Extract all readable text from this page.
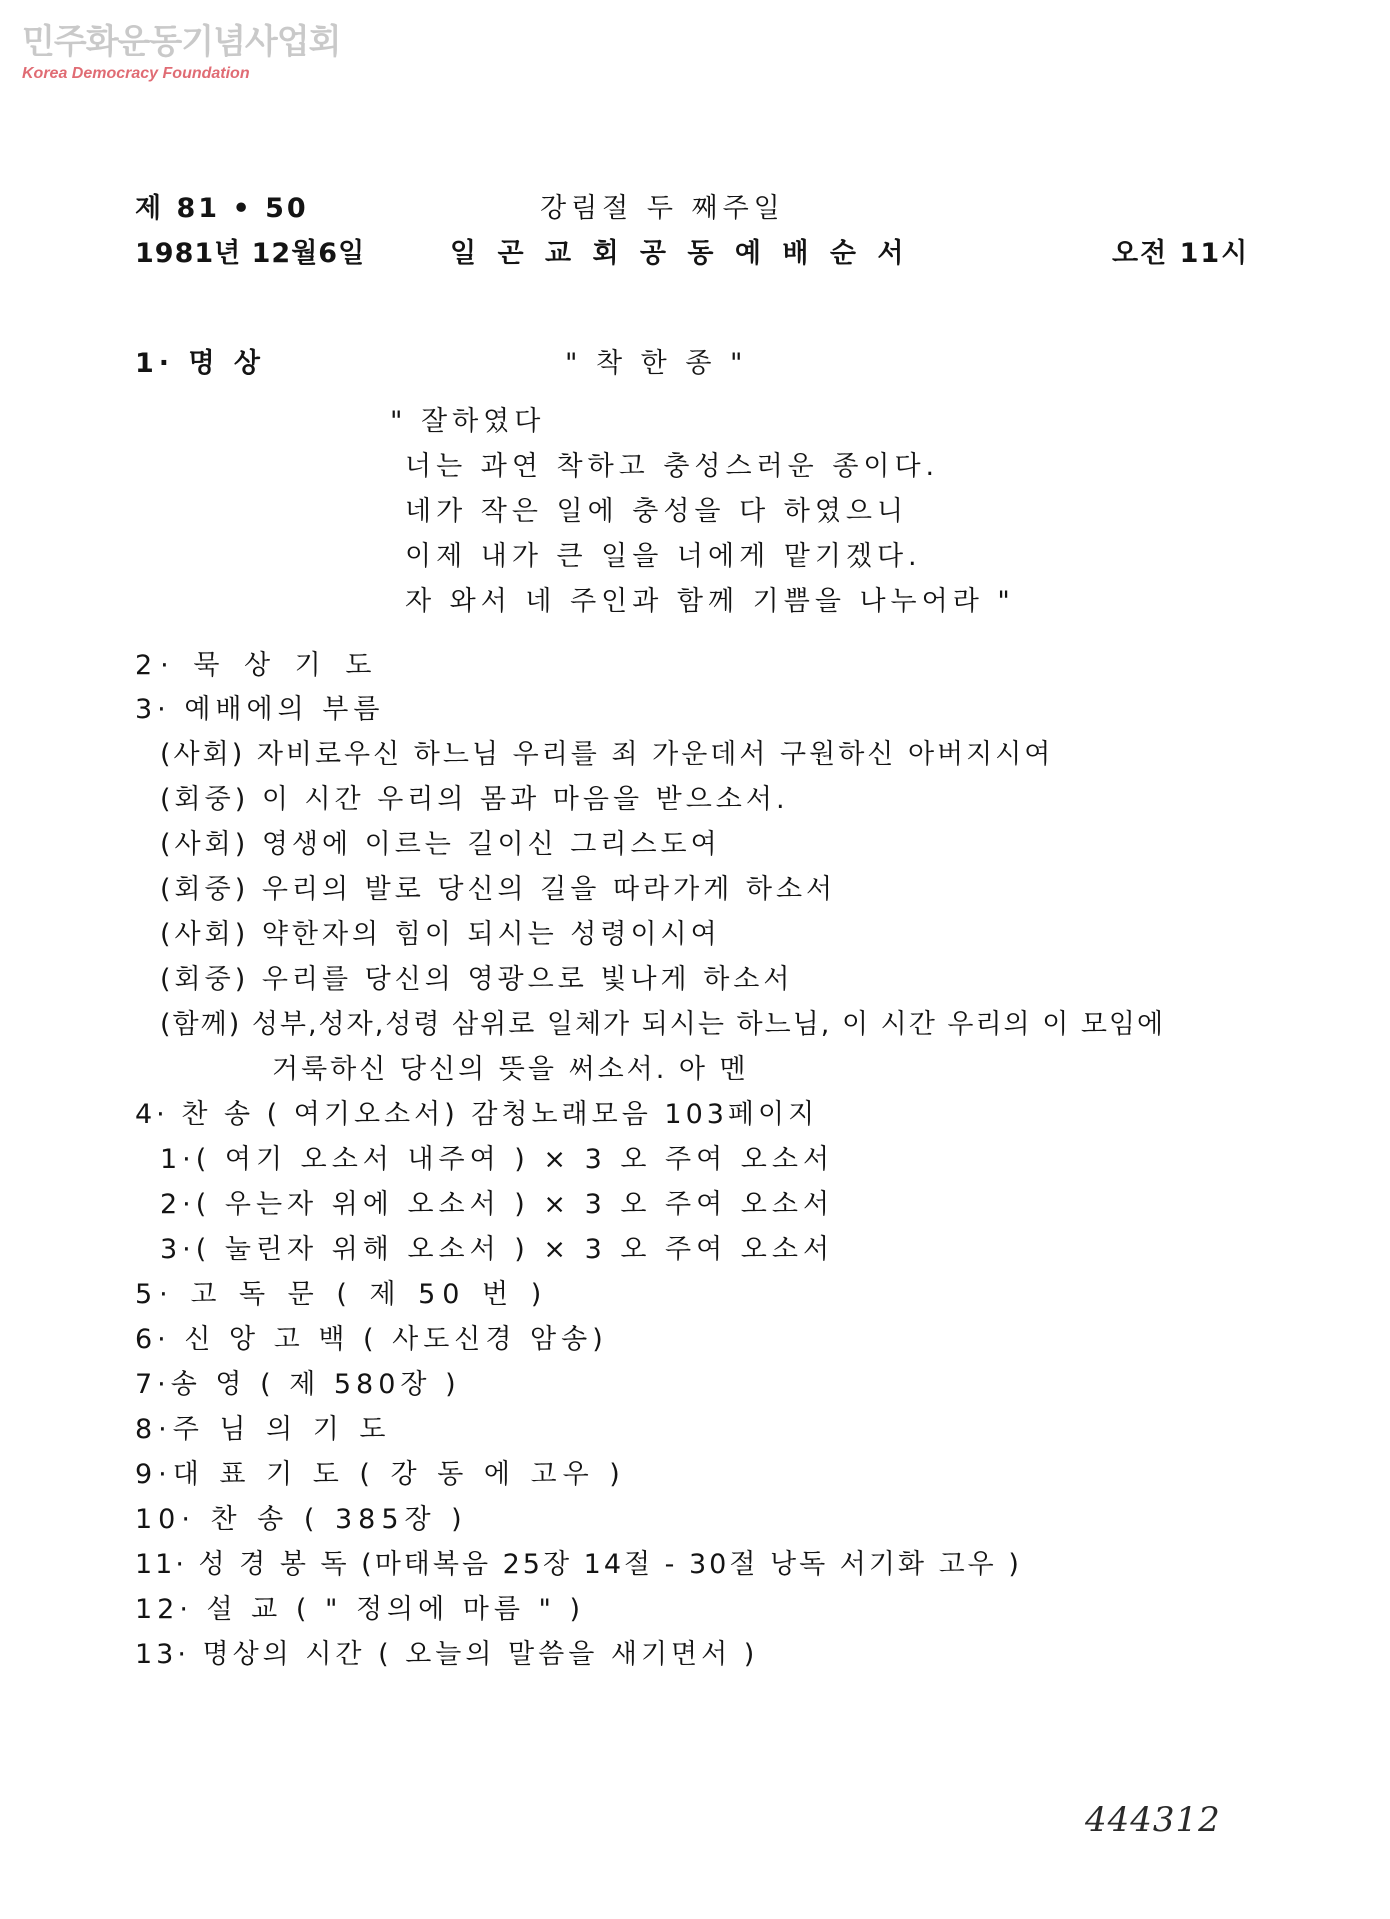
민주화운동기념사업회
Korea Democracy Foundation
제 81 • 50	강림절 두 째주일
1981년 12월6일	일 곤 교 회 공 동 예 배 순 서	오전 11시
1· 명 상	" 착 한 종 "
" 잘하였다
너는 과연 착하고 충성스러운 종이다.
네가 작은 일에 충성을 다 하였으니
이제 내가 큰 일을 너에게 맡기겠다.
자 와서 네 주인과 함께 기쁨을 나누어라 "
2· 묵 상 기 도
3· 예배에의 부름
(사회) 자비로우신 하느님 우리를 죄 가운데서 구원하신 아버지시여
(회중) 이 시간 우리의 몸과 마음을 받으소서.
(사회) 영생에 이르는 길이신 그리스도여
(회중) 우리의 발로 당신의 길을 따라가게 하소서
(사회) 약한자의 힘이 되시는 성령이시여
(회중) 우리를 당신의 영광으로 빛나게 하소서
(함께) 성부,성자,성령 삼위로 일체가 되시는 하느님, 이 시간 우리의 이 모임에
거룩하신 당신의 뜻을 써소서. 아 멘
4· 찬 송 ( 여기오소서) 감청노래모음 103페이지
1·( 여기 오소서 내주여 ) × 3 오 주여 오소서
2·( 우는자 위에 오소서 ) × 3 오 주여 오소서
3·( 눌린자 위해 오소서 ) × 3 오 주여 오소서
5· 고 독 문 ( 제 50 번 )
6· 신 앙 고 백 ( 사도신경 암송)
7·송 영 ( 제 580장 )
8·주 님 의 기 도
9·대 표 기 도 ( 강 동 에 고우 )
10· 찬 송 ( 385장 )
11· 성 경 봉 독 (마태복음 25장 14절 - 30절 낭독 서기화 고우 )
12· 설 교 ( " 정의에 마름 " )
13· 명상의 시간 ( 오늘의 말씀을 새기면서 )
444312
